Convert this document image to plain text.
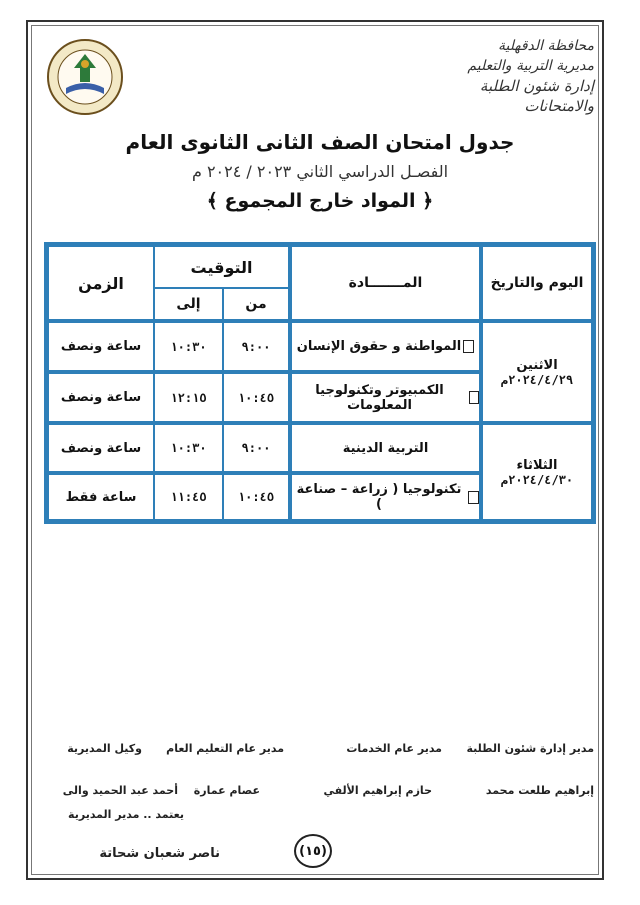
محافظة الدقهلية
مديرية التربية والتعليم
إدارة شئون الطلبة والامتحانات
جدول امتحان الصف الثانى الثانوى العام
الفصـل الدراسي الثاني ٢٠٢٣ / ٢٠٢٤ م
﴿ المواد خارج المجموع ﴾
اليوم والتاريخ
المـــــــادة
التوقيت
من
إلى
الزمن
الاثنين
٢٠٢٤/٤/٢٩م
الثلاثاء
٢٠٢٤/٤/٣٠م
المواطنة و حقوق الإنسان
٩:٠٠
١٠:٣٠
ساعة ونصف
الكمبيوتر وتكنولوجيا المعلومات
١٠:٤٥
١٢:١٥
ساعة ونصف
التربية الدينية
٩:٠٠
١٠:٣٠
ساعة ونصف
تكنولوجيا ( زراعة – صناعة )
١٠:٤٥
١١:٤٥
ساعة فقط
مدير إدارة شئون الطلبة
مدير عام الخدمات
مدير عام التعليم العام
وكيل المديرية
إبراهيم طلعت محمد
حازم إبراهيم الألفي
عصام عمارة
أحمد عبد الحميد والى
يعتمد .. مدير المديرية
ناصر شعبان شحاتة	(١٥)
